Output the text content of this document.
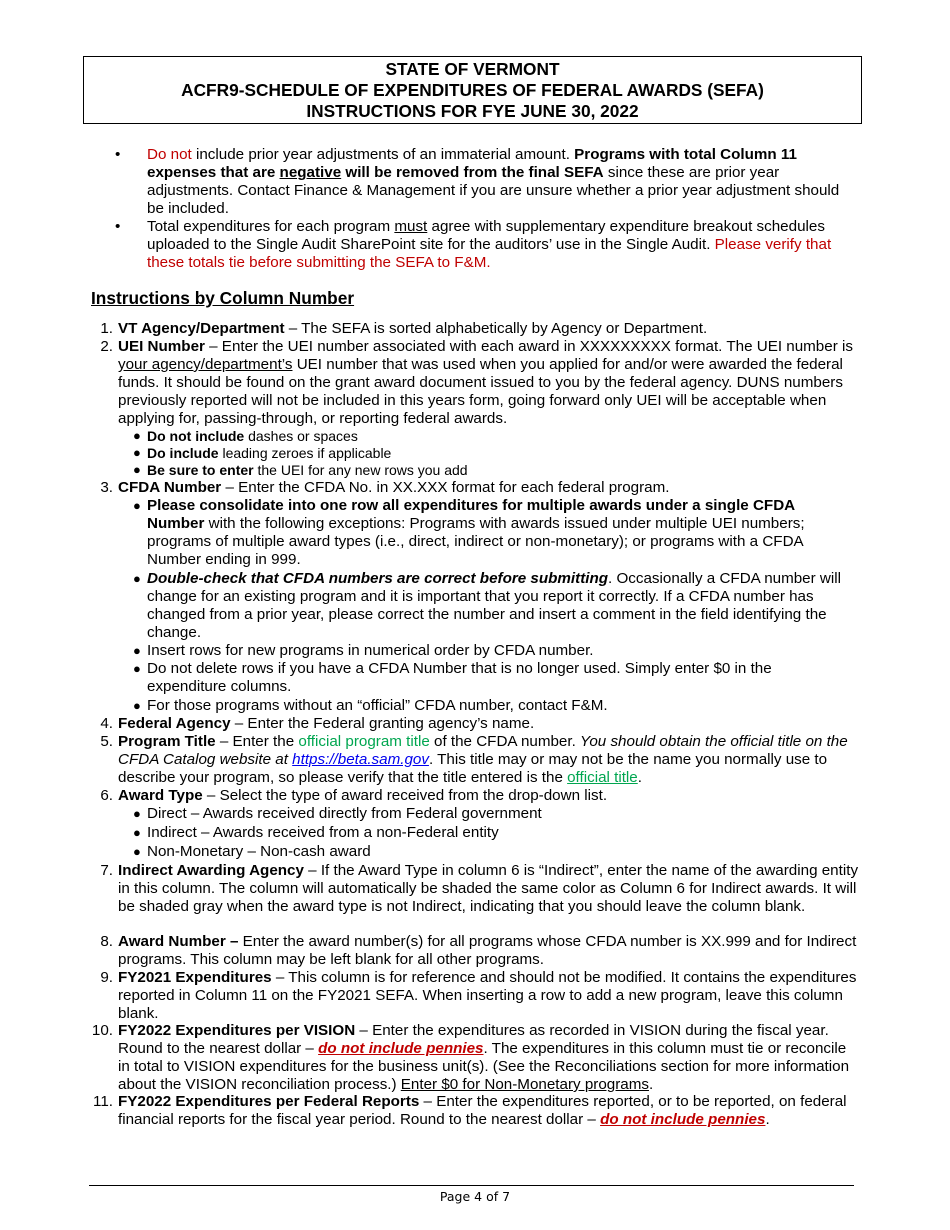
STATE OF VERMONT
ACFR9-SCHEDULE OF EXPENDITURES OF FEDERAL AWARDS (SEFA)
INSTRUCTIONS FOR FYE JUNE 30, 2022
• Do not include prior year adjustments of an immaterial amount. Programs with total Column 11 expenses that are negative will be removed from the final SEFA since these are prior year adjustments. Contact Finance & Management if you are unsure whether a prior year adjustment should be included.
• Total expenditures for each program must agree with supplementary expenditure breakout schedules uploaded to the Single Audit SharePoint site for the auditors’ use in the Single Audit. Please verify that these totals tie before submitting the SEFA to F&M.
Instructions by Column Number
1. VT Agency/Department – The SEFA is sorted alphabetically by Agency or Department.
2. UEI Number – Enter the UEI number associated with each award in XXXXXXXXX format. The UEI number is your agency/department’s UEI number that was used when you applied for and/or were awarded the federal funds. It should be found on the grant award document issued to you by the federal agency. DUNS numbers previously reported will not be included in this years form, going forward only UEI will be acceptable when applying for, passing-through, or reporting federal awards.
● Do not include dashes or spaces
● Do include leading zeroes if applicable
● Be sure to enter the UEI for any new rows you add
3. CFDA Number – Enter the CFDA No. in XX.XXX format for each federal program.
● Please consolidate into one row all expenditures for multiple awards under a single CFDA Number with the following exceptions: Programs with awards issued under multiple UEI numbers; programs of multiple award types (i.e., direct, indirect or non-monetary); or programs with a CFDA Number ending in 999.
● Double-check that CFDA numbers are correct before submitting. Occasionally a CFDA number will change for an existing program and it is important that you report it correctly. If a CFDA number has changed from a prior year, please correct the number and insert a comment in the field identifying the change.
● Insert rows for new programs in numerical order by CFDA number.
● Do not delete rows if you have a CFDA Number that is no longer used. Simply enter $0 in the expenditure columns.
● For those programs without an “official” CFDA number, contact F&M.
4. Federal Agency – Enter the Federal granting agency’s name.
5. Program Title – Enter the official program title of the CFDA number. You should obtain the official title on the CFDA Catalog website at https://beta.sam.gov. This title may or may not be the name you normally use to describe your program, so please verify that the title entered is the official title.
6. Award Type – Select the type of award received from the drop-down list.
● Direct – Awards received directly from Federal government
● Indirect – Awards received from a non-Federal entity
● Non-Monetary – Non-cash award
7. Indirect Awarding Agency – If the Award Type in column 6 is “Indirect”, enter the name of the awarding entity in this column. The column will automatically be shaded the same color as Column 6 for Indirect awards. It will be shaded gray when the award type is not Indirect, indicating that you should leave the column blank.
8. Award Number – Enter the award number(s) for all programs whose CFDA number is XX.999 and for Indirect programs. This column may be left blank for all other programs.
9. FY2021 Expenditures – This column is for reference and should not be modified. It contains the expenditures reported in Column 11 on the FY2021 SEFA. When inserting a row to add a new program, leave this column blank.
10. FY2022 Expenditures per VISION – Enter the expenditures as recorded in VISION during the fiscal year. Round to the nearest dollar – do not include pennies. The expenditures in this column must tie or reconcile in total to VISION expenditures for the business unit(s). (See the Reconciliations section for more information about the VISION reconciliation process.) Enter $0 for Non-Monetary programs.
11. FY2022 Expenditures per Federal Reports – Enter the expenditures reported, or to be reported, on federal financial reports for the fiscal year period. Round to the nearest dollar – do not include pennies.
Page 4 of 7
